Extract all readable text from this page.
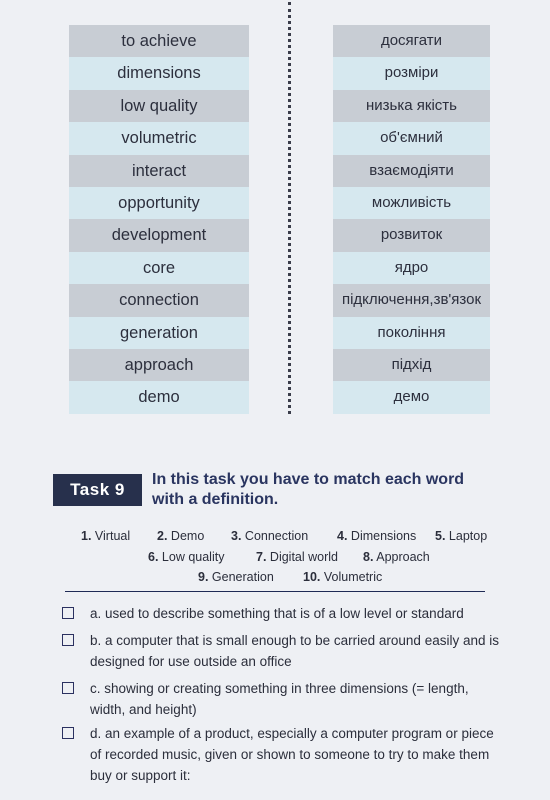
to achieve
dimensions
low quality
volumetric
interact
opportunity
development
core
connection
generation
approach
demo
досягати
розміри
низька якість
об'ємний
взаємодіяти
можливість
розвиток
ядро
підключення,зв'язок
покоління
підхід
демо
Task 9
In this task you have to match each word with a definition.
1. Virtual 2. Demo 3. Connection 4. Dimensions 5. Laptop
6. Low quality	7. Digital world 8. Approach
9. Generation 10. Volumetric
a. used to describe something that is of a low level or standard
b. a computer that is small enough to be carried around easily and is designed for use outside an office
c. showing or creating something in three dimensions (= length, width, and height)
d. an example of a product, especially a computer program or piece of recorded music, given or shown to someone to try to make them buy or support it:
